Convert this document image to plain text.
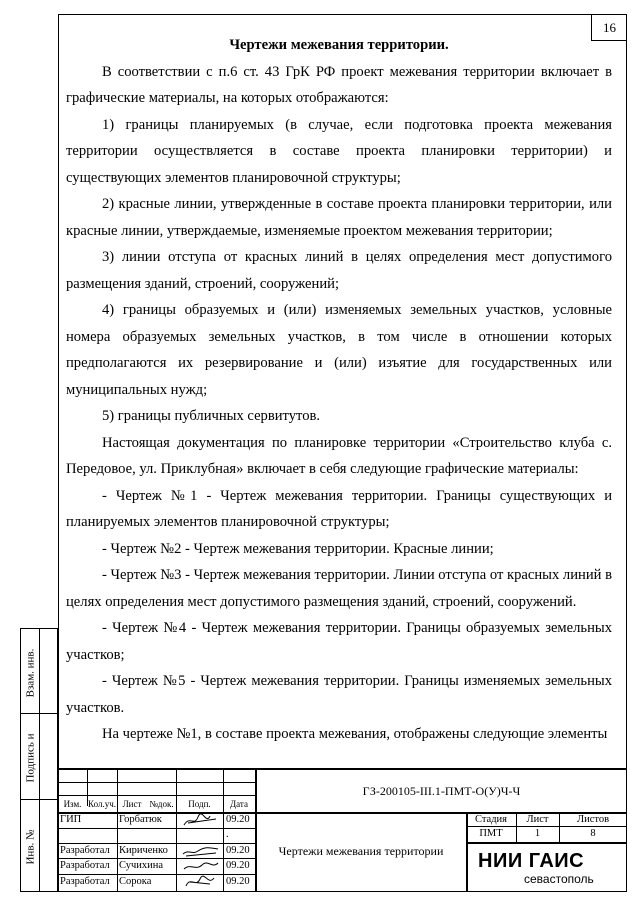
16
Взам. инв.
Подпись и
Инв. №

Чертежи межевания территории.

В соответствии с п.6 ст. 43 ГрК РФ проект межевания территории включает в графические материалы, на которых отображаются:

1) границы планируемых (в случае, если подготовка проекта межевания территории осуществляется в составе проекта планировки территории) и существующих элементов планировочной структуры;

2) красные линии, утвержденные в составе проекта планировки территории, или красные линии, утверждаемые, изменяемые проектом межевания территории;

3) линии отступа от красных линий в целях определения мест допустимого размещения зданий, строений, сооружений;

4) границы образуемых и (или) изменяемых земельных участков, условные номера образуемых земельных участков, в том числе в отношении которых предполагаются их резервирование и (или) изъятие для государственных или муниципальных нужд;

5) границы публичных сервитутов.

Настоящая документация по планировке территории «Строительство клуба с. Передовое, ул. Приклубная» включает в себя следующие графические материалы:

- Чертеж №1 - Чертеж межевания территории. Границы существующих и планируемых элементов планировочной структуры;

- Чертеж №2 - Чертеж межевания территории. Красные линии;

- Чертеж №3 - Чертеж межевания территории. Линии отступа от красных линий в целях определения мест допустимого размещения зданий, строений, сооружений.

- Чертеж №4 - Чертеж межевания территории. Границы образуемых земельных участков;

- Чертеж №5 - Чертеж межевания территории. Границы изменяемых земельных участков.

На чертеже №1, в составе проекта межевания, отображены следующие элементы

Изм. Кол.уч. Лист №док.	Подп.	Дата
ГЗ-200105-III.1-ПМТ-О(У)Ч-Ч
ГИП	Горбатюк	09.20
.
Разработал Кириченко	09.20
Разработал Сучихина	09.20
Разработал Сорока	09.20
Чертежи межевания территории
Стадия	Лист	Листов
ПМТ	1	8
НИИ ГАИС
севастополь
